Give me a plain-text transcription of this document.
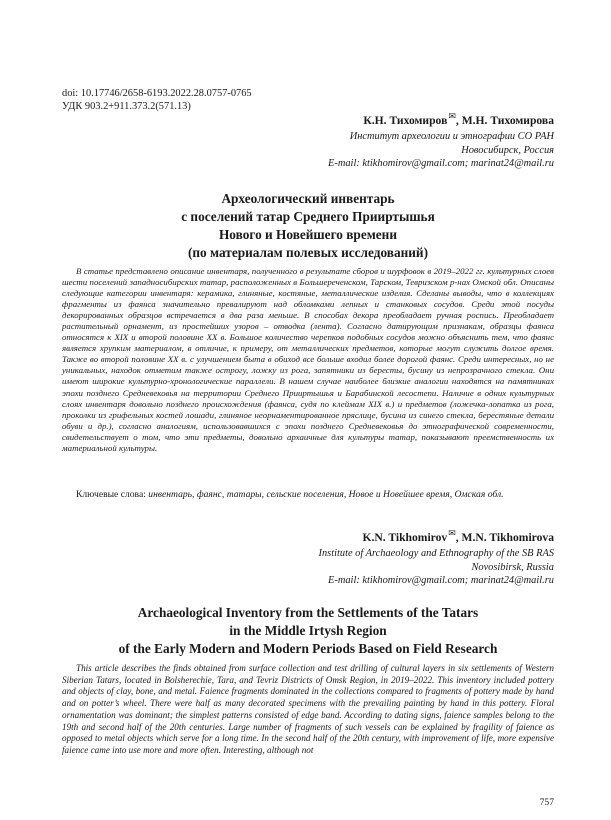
doi: 10.17746/2658-6193.2022.28.0757-0765
УДК 903.2+911.373.2(571.13)
К.Н. Тихомиров✉, М.Н. Тихомирова
Институт археологии и этнографии СО РАН
Новосибирск, Россия
E-mail: ktikhomirov@gmail.com; marinat24@mail.ru
Археологический инвентарь
с поселений татар Среднего Прииртышья
Нового и Новейшего времени
(по материалам полевых исследований)

В статье представлено описание инвентаря, полученного в результате сборов и шурфовок в 2019–2022 гг. культурных слоев шести поселений западносибирских татар, расположенных в Большереченском, Тарском, Тевризском р-нах Омской обл. Описаны следующие категории инвентаря: керамика, глиняные, костяные, металлические изделия. Сделаны выводы, что в коллекциях фрагменты из фаянса значительно превалируют над обломками лепных и станковых сосудов. Среди этой посуды декорированных образцов встречается в два раза меньше. В способах декора преобладает ручная роспись. Преобладает растительный орнамент, из простейших узоров – отводка (лента). Согласно датирующим признакам, образцы фаянса относятся к XIX и второй половине XX в. Большое количество черепков подобных сосудов можно объяснить тем, что фаянс является хрупким материалом, в отличие, к примеру, от металлических предметов, которые могут служить долгое время. Также во второй половине XX в. с улучшением быта в обиход все больше входил более дорогой фаянс. Среди интересных, но не уникальных, находок отметим также острогу, ложку из рога, запятники из бересты, бусину из непрозрачного стекла. Они имеют широкие культурно-хронологические параллели. В нашем случае наиболее близкие аналогии находятся на памятниках эпохи позднего Средневековья на территории Среднего Прииртышья и Барабинской лесостепи. Наличие в одних культурных слоях инвентаря довольно позднего происхождения (фаянса, судя по клеймам XIX в.) и предметов (ложечка-лопатка из рога, проколки из грифельных костей лошади, глиняное неорнаментированное пряслице, бусина из синего стекла, берестяные детали обуви и др.), согласно аналогиям, использовавшихся с эпохи позднего Средневековья до этнографической современности, свидетельствует о том, что эти предметы, довольно архаичные для культуры татар, показывают преемственность их материальной культуры.

Ключевые слова: инвентарь, фаянс, татары, сельские поселения, Новое и Новейшее время, Омская обл.
K.N. Tikhomirov✉, M.N. Tikhomirova
Institute of Archaeology and Ethnography of the SB RAS
Novosibirsk, Russia
E-mail: ktikhomirov@gmail.com; marinat24@mail.ru
Archaeological Inventory from the Settlements of the Tatars
in the Middle Irtysh Region
of the Early Modern and Modern Periods Based on Field Research

This article describes the finds obtained from surface collection and test drilling of cultural layers in six settlements of Western Siberian Tatars, located in Bolsherechie, Tara, and Tevriz Districts of Omsk Region, in 2019–2022. This inventory included pottery and objects of clay, bone, and metal. Faience fragments dominated in the collections compared to fragments of pottery made by hand and on potter’s wheel. There were half as many decorated specimens with the prevailing painting by hand in this pottery. Floral ornamentation was dominant; the simplest patterns consisted of edge band. According to dating signs, faience samples belong to the 19th and second half of the 20th centuries. Large number of fragments of such vessels can be explained by fragility of faience as opposed to metal objects which serve for a long time. In the second half of the 20th century, with improvement of life, more expensive faience came into use more and more often. Interesting, although not

757
